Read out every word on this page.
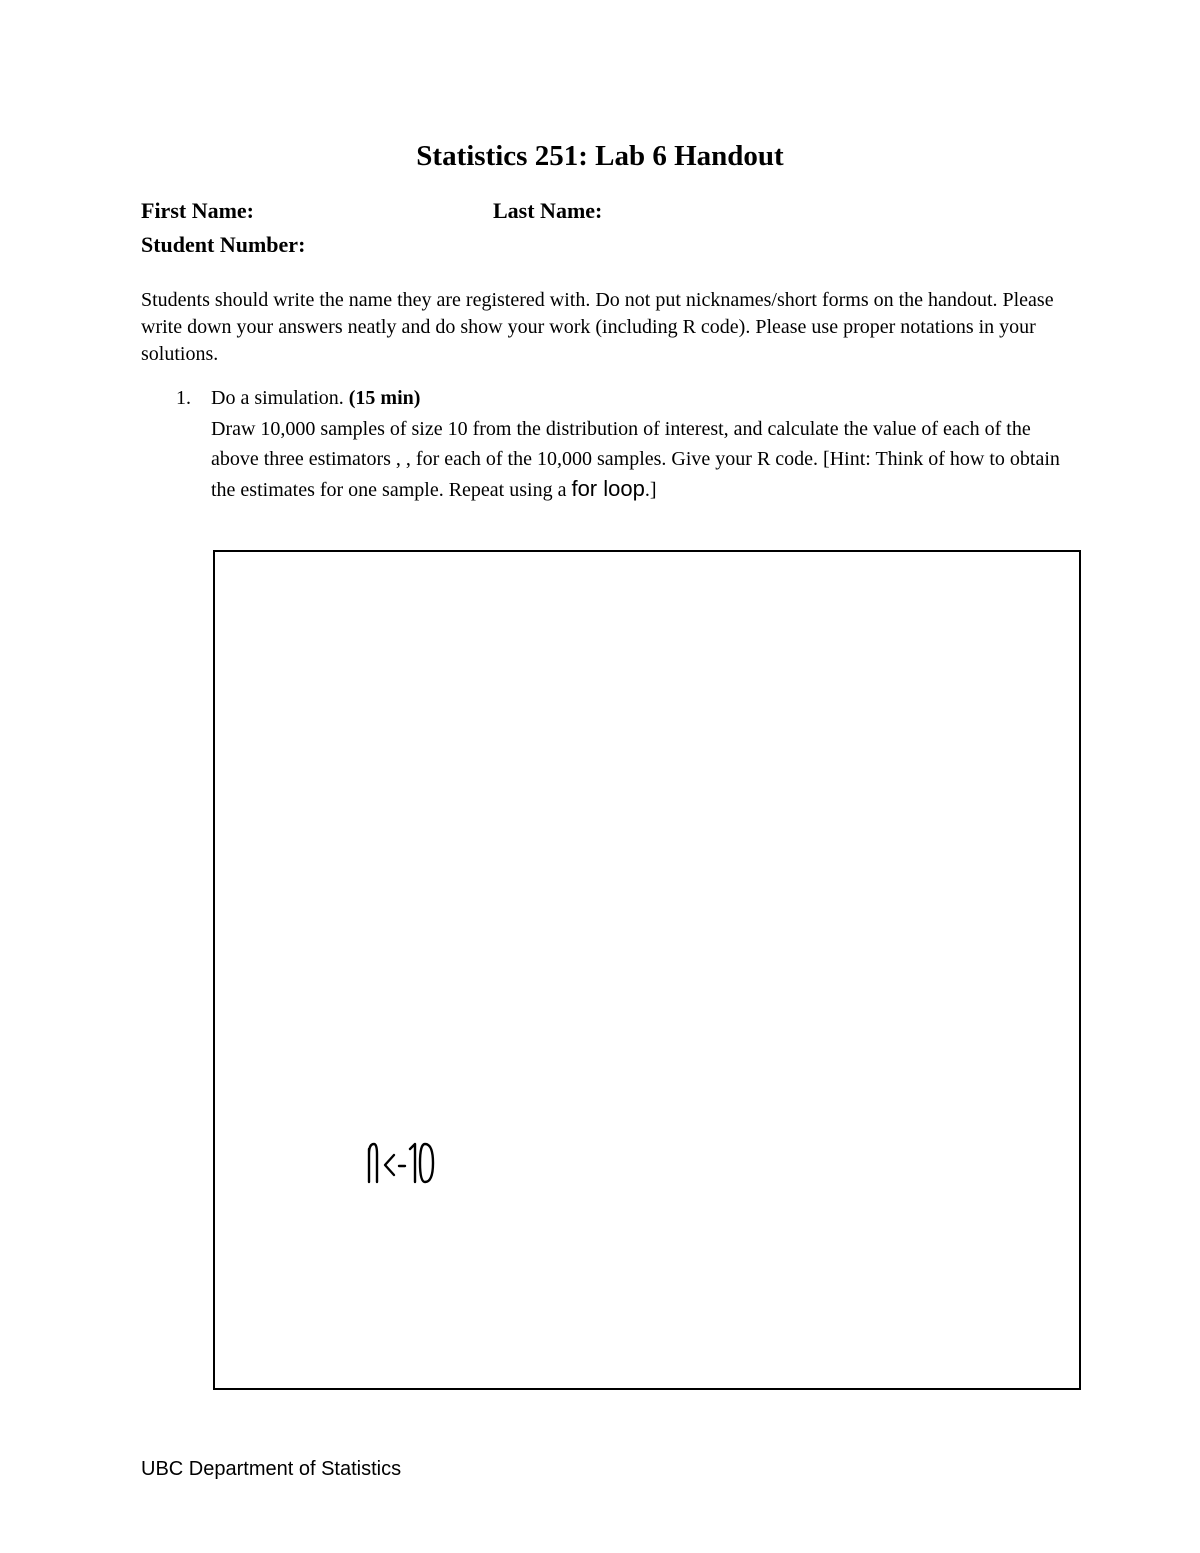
Statistics 251: Lab 6 Handout
First Name:	Last Name:
Student Number:

Students should write the name they are registered with. Do not put nicknames/short forms on the handout. Please write down your answers neatly and do show your work (including R code). Please use proper notations in your solutions.

1. Do a simulation. (15 min)

Draw 10,000 samples of size 10 from the distribution of interest, and calculate the value of each of the above three estimators , , for each of the 10,000 samples. Give your R code. [Hint: Think of how to obtain the estimates for one sample. Repeat using a for loop.]

UBC Department of Statistics
